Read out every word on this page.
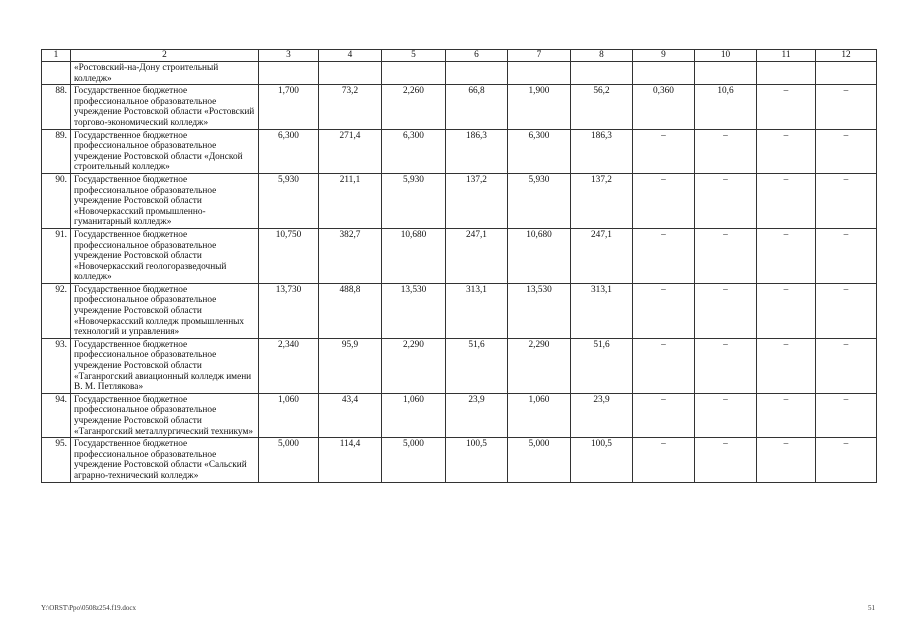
1	2	3	4	5	6	7	8	9	10	11	12
	«Ростовский-на-Дону строительный колледж»										
88.	Государственное бюджетное профессиональное образовательное учреждение Ростовской области «Ростовский торгово-экономический колледж»	1,700	73,2	2,260	66,8	1,900	56,2	0,360	10,6	–	–
89.	Государственное бюджетное профессиональное образовательное учреждение Ростовской области «Донской строительный колледж»	6,300	271,4	6,300	186,3	6,300	186,3	–	–	–	–
90.	Государственное бюджетное профессиональное образовательное учреждение Ростовской области «Новочеркасский промышленно-гуманитарный колледж»	5,930	211,1	5,930	137,2	5,930	137,2	–	–	–	–
91.	Государственное бюджетное профессиональное образовательное учреждение Ростовской области «Новочеркасский геологоразведочный колледж»	10,750	382,7	10,680	247,1	10,680	247,1	–	–	–	–
92.	Государственное бюджетное профессиональное образовательное учреждение Ростовской области «Новочеркасский колледж промышленных технологий и управления»	13,730	488,8	13,530	313,1	13,530	313,1	–	–	–	–
93.	Государственное бюджетное профессиональное образовательное учреждение Ростовской области «Таганрогский авиационный колледж имени В. М. Петлякова»	2,340	95,9	2,290	51,6	2,290	51,6	–	–	–	–
94.	Государственное бюджетное профессиональное образовательное учреждение Ростовской области «Таганрогский металлургический техникум»	1,060	43,4	1,060	23,9	1,060	23,9	–	–	–	–
95.	Государственное бюджетное профессиональное образовательное учреждение Ростовской области «Сальский аграрно-технический колледж»	5,000	114,4	5,000	100,5	5,000	100,5	–	–	–	–
Y:\ORST\Ppo\0508z254.f19.docx	51
